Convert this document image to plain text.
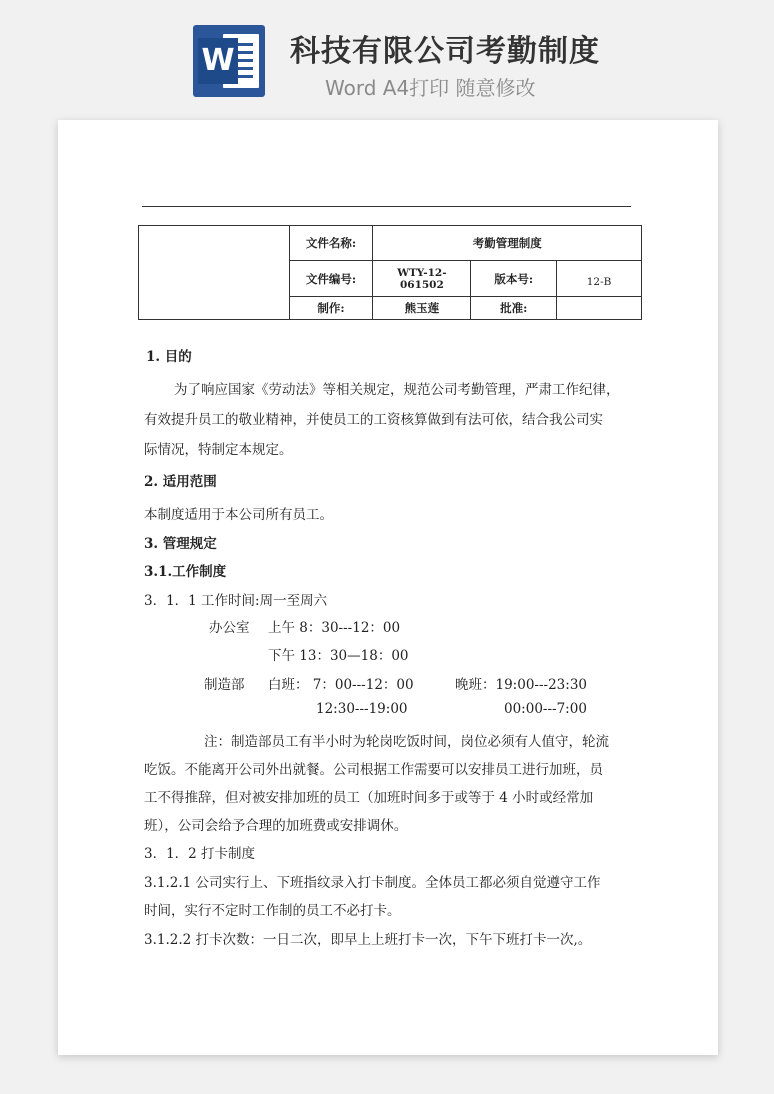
W 科技有限公司考勤制度
Word A4打印 随意修改
	文件名称:	考勤管理制度		
	文件编号:	WTY-12-061502	版本号:	12-B
	制作:	熊玉莲	批准:	
1. 目的
为了响应国家《劳动法》等相关规定，规范公司考勤管理，严肃工作纪律，
有效提升员工的敬业精神，并使员工的工资核算做到有法可依，结合我公司实
际情况，特制定本规定。
2. 适用范围
本制度适用于本公司所有员工。
3. 管理规定
3.1.工作制度
3．1．1 工作时间:周一至周六
办公室 上午 8：30---12：00
下午 13：30—18：00
制造部 白班： 7：00---12：00	晚班：19:00---23:30
12:30---19:00	00:00---7:00
注：制造部员工有半小时为轮岗吃饭时间，岗位必须有人值守，轮流
吃饭。不能离开公司外出就餐。公司根据工作需要可以安排员工进行加班，员
工不得推辞，但对被安排加班的员工（加班时间多于或等于 4 小时或经常加
班），公司会给予合理的加班费或安排调休。
3．1．2 打卡制度
3.1.2.1 公司实行上、下班指纹录入打卡制度。全体员工都必须自觉遵守工作
时间，实行不定时工作制的员工不必打卡。
3.1.2.2 打卡次数：一日二次，即早上上班打卡一次，下午下班打卡一次,。
